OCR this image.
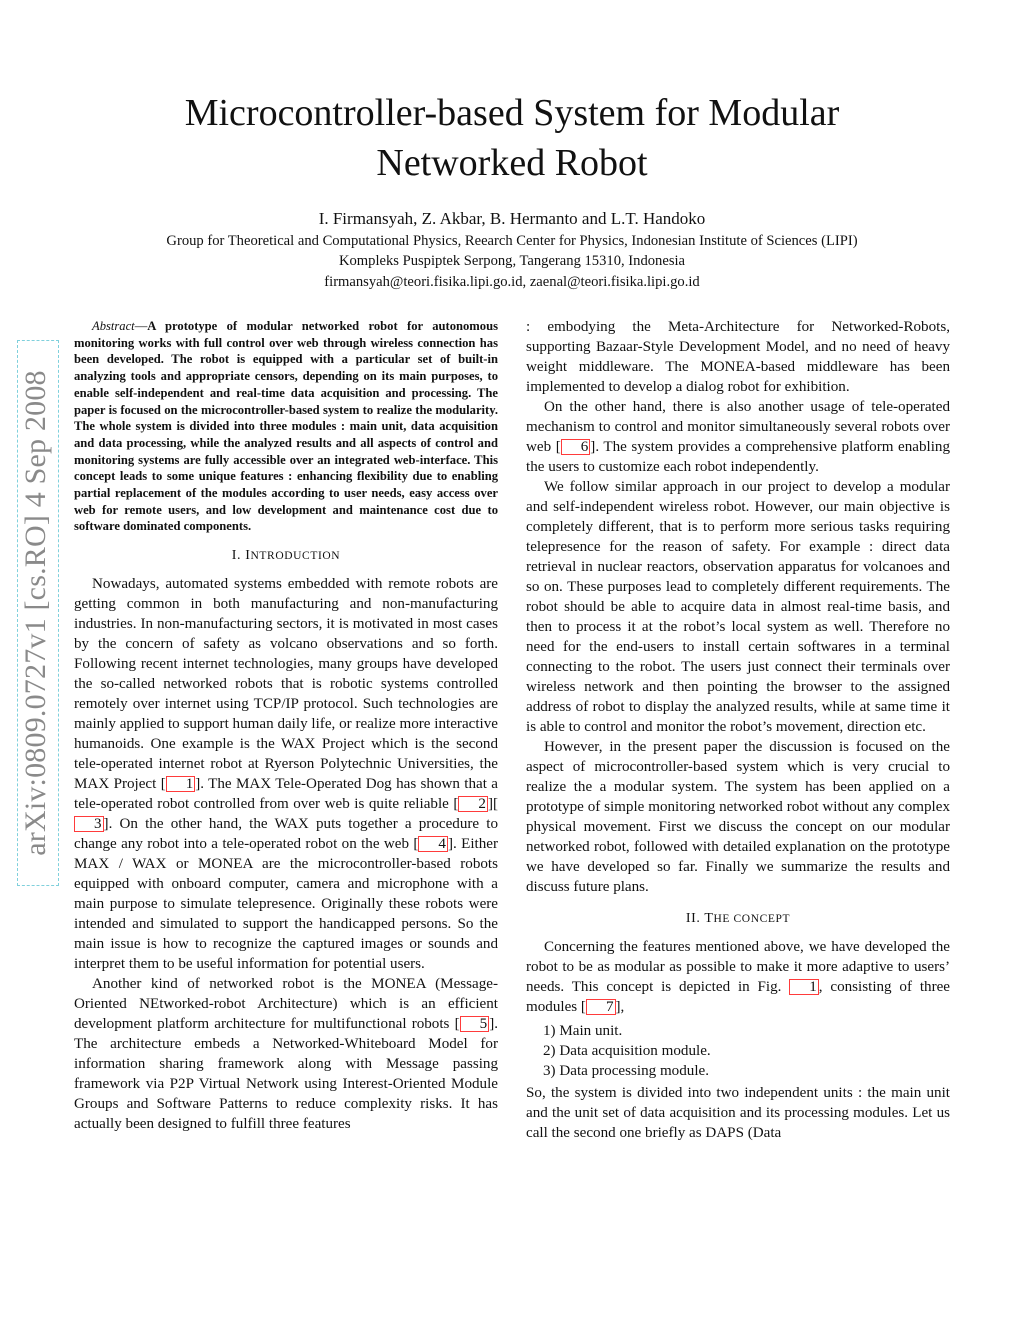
arXiv:0809.0727v1 [cs.RO] 4 Sep 2008
Microcontroller-based System for Modular
Networked Robot
I. Firmansyah, Z. Akbar, B. Hermanto and L.T. Handoko
Group for Theoretical and Computational Physics, Reearch Center for Physics, Indonesian Institute of Sciences (LIPI)
Kompleks Puspiptek Serpong, Tangerang 15310, Indonesia
firmansyah@teori.fisika.lipi.go.id, zaenal@teori.fisika.lipi.go.id

Abstract—A prototype of modular networked robot for autonomous monitoring works with full control over web through wireless connection has been developed. The robot is equipped with a particular set of built-in analyzing tools and appropriate censors, depending on its main purposes, to enable self-independent and real-time data acquisition and processing. The paper is focused on the microcontroller-based system to realize the modularity. The whole system is divided into three modules : main unit, data acquisition and data processing, while the analyzed results and all aspects of control and monitoring systems are fully accessible over an integrated web-interface. This concept leads to some unique features : enhancing flexibility due to enabling partial replacement of the modules according to user needs, easy access over web for remote users, and low development and maintenance cost due to software dominated components.

I. INTRODUCTION

Nowadays, automated systems embedded with remote robots are getting common in both manufacturing and non-manufacturing industries. In non-manufacturing sectors, it is motivated in most cases by the concern of safety as volcano observations and so forth. Following recent internet technologies, many groups have developed the so-called networked robots that is robotic systems controlled remotely over internet using TCP/IP protocol. Such technologies are mainly applied to support human daily life, or realize more interactive humanoids. One example is the WAX Project which is the second tele-operated internet robot at Ryerson Polytechnic Universities, the MAX Project [ 1 ]. The MAX Tele-Operated Dog has shown that a tele-operated robot controlled from over web is quite reliable [ 2 ][3 ]. On the other hand, the WAX puts together a procedure to change any robot into a tele-operated robot on the web [ 4 ]. Either MAX / WAX or MONEA are the microcontroller-based robots equipped with onboard computer, camera and microphone with a main purpose to simulate telepresence. Originally these robots were intended and simulated to support the handicapped persons. So the main issue is how to recognize the captured images or sounds and interpret them to be useful information for potential users.

Another kind of networked robot is the MONEA (Message-Oriented NEtworked-robot Architecture) which is an efficient development platform architecture for multifunctional robots [ 5 ]. The architecture embeds a Networked-Whiteboard Model for information sharing framework along with Message passing framework via P2P Virtual Network using Interest-Oriented Module Groups and Software Patterns to reduce complexity risks. It has actually been designed to fulfill three features

: embodying the Meta-Architecture for Networked-Robots, supporting Bazaar-Style Development Model, and no need of heavy weight middleware. The MONEA-based middleware has been implemented to develop a dialog robot for exhibition.

On the other hand, there is also another usage of tele-operated mechanism to control and monitor simultaneously several robots over web [ 6 ]. The system provides a comprehensive platform enabling the users to customize each robot independently.

We follow similar approach in our project to develop a modular and self-independent wireless robot. However, our main objective is completely different, that is to perform more serious tasks requiring telepresence for the reason of safety. For example : direct data retrieval in nuclear reactors, observation apparatus for volcanoes and so on. These purposes lead to completely different requirements. The robot should be able to acquire data in almost real-time basis, and then to process it at the robot’s local system as well. Therefore no need for the end-users to install certain softwares in a terminal connecting to the robot. The users just connect their terminals over wireless network and then pointing the browser to the assigned address of robot to display the analyzed results, while at same time it is able to control and monitor the robot’s movement, direction etc.

However, in the present paper the discussion is focused on the aspect of microcontroller-based system which is very crucial to realize the a modular system. The system has been applied on a prototype of simple monitoring networked robot without any complex physical movement. First we discuss the concept on our modular networked robot, followed with detailed explanation on the prototype we have developed so far. Finally we summarize the results and discuss future plans.

II. THE CONCEPT

Concerning the features mentioned above, we have developed the robot to be as modular as possible to make it more adaptive to users’ needs. This concept is depicted in Fig. 1 , consisting of three modules [ 7 ],

1) Main unit.
2) Data acquisition module.
3) Data processing module.

So, the system is divided into two independent units : the main unit and the unit set of data acquisition and its processing modules. Let us call the second one briefly as DAPS (Data
